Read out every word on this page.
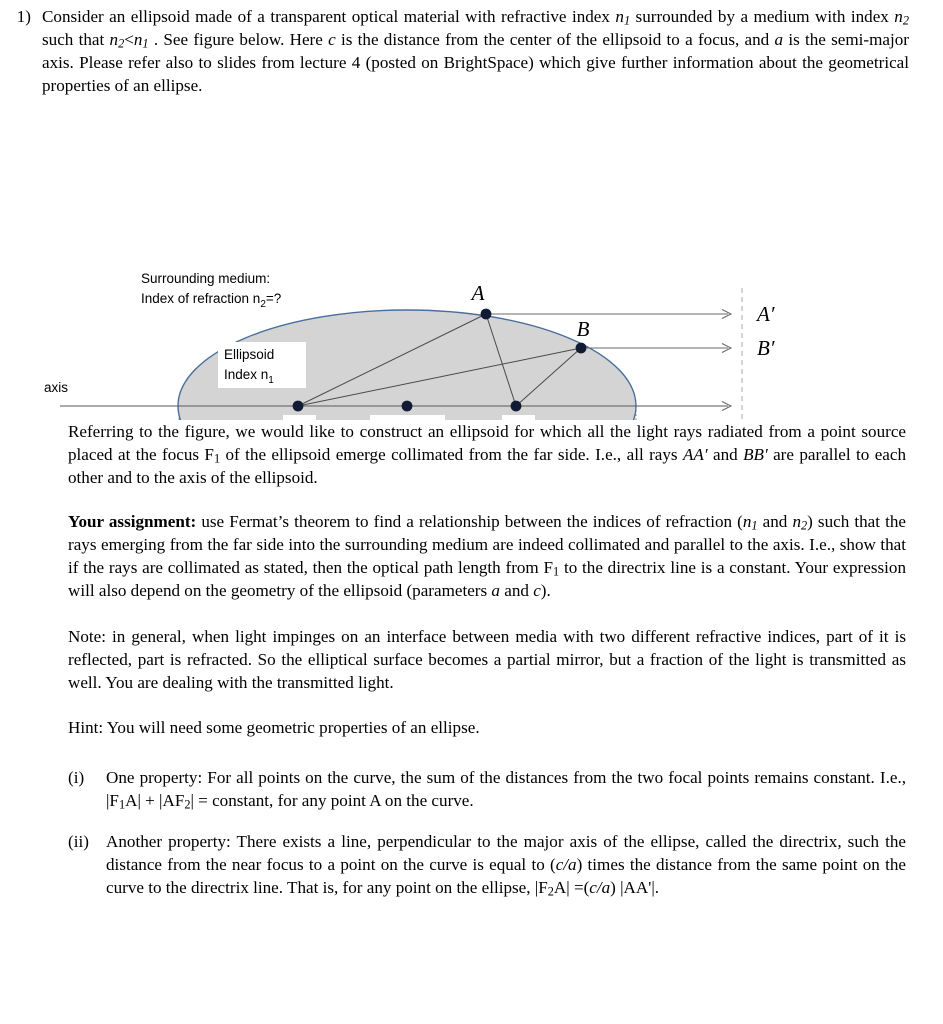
1) Consider an ellipsoid made of a transparent optical material with refractive index $n_1$ surrounded by a medium with index $n_2$ such that $n_2<n_1$ . See figure below. Here c is the distance from the center of the ellipsoid to a focus, and a is the semi-major axis. Please refer also to slides from lecture 4 (posted on BrightSpace) which give further information about the geometrical properties of an ellipse.
Ellipsoid
Index $n_1$
Surrounding medium:
Index of refraction $n_2=$?
axis
A
B
A′
B′
Referring to the figure, we would like to construct an ellipsoid for which all the light rays radiated from a point source placed at the focus $F_1$ of the ellipsoid emerge collimated from the far side. I.e., all rays AA′ and BB′ are parallel to each other and to the axis of the ellipsoid.
Your assignment: use Fermat’s theorem to find a relationship between the indices of refraction ($n_1$ and $n_2$) such that the rays emerging from the far side into the surrounding medium are indeed collimated and parallel to the axis. I.e., show that if the rays are collimated as stated, then the optical path length from $F_1$ to the directrix line is a constant. Your expression will also depend on the geometry of the ellipsoid (parameters a and c).
Note: in general, when light impinges on an interface between media with two different refractive indices, part of it is reflected, part is refracted. So the elliptical surface becomes a partial mirror, but a fraction of the light is transmitted as well. You are dealing with the transmitted light.
Hint: You will need some geometric properties of an ellipse.
(i)	One property: For all points on the curve, the sum of the distances from the two focal points remains constant. I.e., $|F_1A| + |AF_2|$ = constant, for any point A on the curve.
(ii)	Another property: There exists a line, perpendicular to the major axis of the ellipse, called the directrix, such the distance from the near focus to a point on the curve is equal to (c/a) times the distance from the same point on the curve to the directrix line. That is, for any point on the ellipse, $|F_2A| =(c/a)$ |AA'|.
